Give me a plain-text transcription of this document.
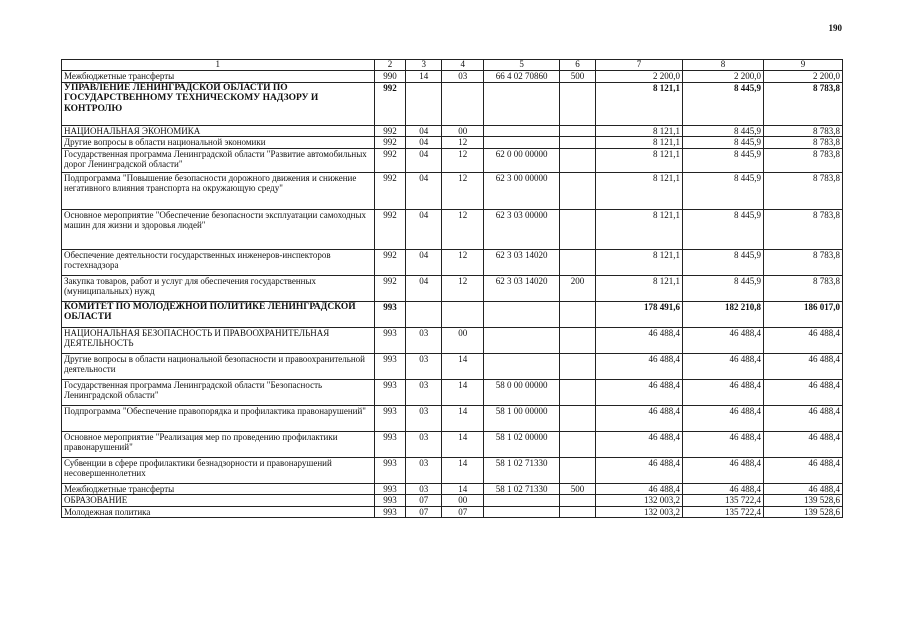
190
1	2	3	4	5	6	7	8	9
Межбюджетные трансферты	990	14	03	66 4 02 70860	500	2 200,0	2 200,0	2 200,0
УПРАВЛЕНИЕ ЛЕНИНГРАДСКОЙ ОБЛАСТИ ПО ГОСУДАРСТВЕННОМУ ТЕХНИЧЕСКОМУ НАДЗОРУ И КОНТРОЛЮ	992					8 121,1	8 445,9	8 783,8
НАЦИОНАЛЬНАЯ ЭКОНОМИКА	992	04	00			8 121,1	8 445,9	8 783,8
Другие вопросы в области национальной экономики	992	04	12			8 121,1	8 445,9	8 783,8
Государственная программа Ленинградской области "Развитие автомобильных дорог Ленинградской области"	992	04	12	62 0 00 00000		8 121,1	8 445,9	8 783,8
Подпрограмма "Повышение безопасности дорожного движения и снижение негативного влияния транспорта на окружающую среду"	992	04	12	62 3 00 00000		8 121,1	8 445,9	8 783,8
Основное мероприятие "Обеспечение безопасности эксплуатации самоходных машин для жизни и здоровья людей"	992	04	12	62 3 03 00000		8 121,1	8 445,9	8 783,8
Обеспечение деятельности государственных инженеров-инспекторов гостехнадзора	992	04	12	62 3 03 14020		8 121,1	8 445,9	8 783,8
Закупка товаров, работ и услуг для обеспечения государственных (муниципальных) нужд	992	04	12	62 3 03 14020	200	8 121,1	8 445,9	8 783,8
КОМИТЕТ ПО МОЛОДЕЖНОЙ ПОЛИТИКЕ ЛЕНИНГРАДСКОЙ ОБЛАСТИ	993					178 491,6	182 210,8	186 017,0
НАЦИОНАЛЬНАЯ БЕЗОПАСНОСТЬ И ПРАВООХРАНИТЕЛЬНАЯ ДЕЯТЕЛЬНОСТЬ	993	03	00			46 488,4	46 488,4	46 488,4
Другие вопросы в области национальной безопасности и правоохранительной деятельности	993	03	14			46 488,4	46 488,4	46 488,4
Государственная программа Ленинградской области "Безопасность Ленинградской области"	993	03	14	58 0 00 00000		46 488,4	46 488,4	46 488,4
Подпрограмма "Обеспечение правопорядка и профилактика правонарушений"	993	03	14	58 1 00 00000		46 488,4	46 488,4	46 488,4
Основное мероприятие "Реализация мер по проведению профилактики правонарушений"	993	03	14	58 1 02 00000		46 488,4	46 488,4	46 488,4
Субвенции в сфере профилактики безнадзорности и правонарушений несовершеннолетних	993	03	14	58 1 02 71330		46 488,4	46 488,4	46 488,4
Межбюджетные трансферты	993	03	14	58 1 02 71330	500	46 488,4	46 488,4	46 488,4
ОБРАЗОВАНИЕ	993	07	00			132 003,2	135 722,4	139 528,6
Молодежная политика	993	07	07			132 003,2	135 722,4	139 528,6
